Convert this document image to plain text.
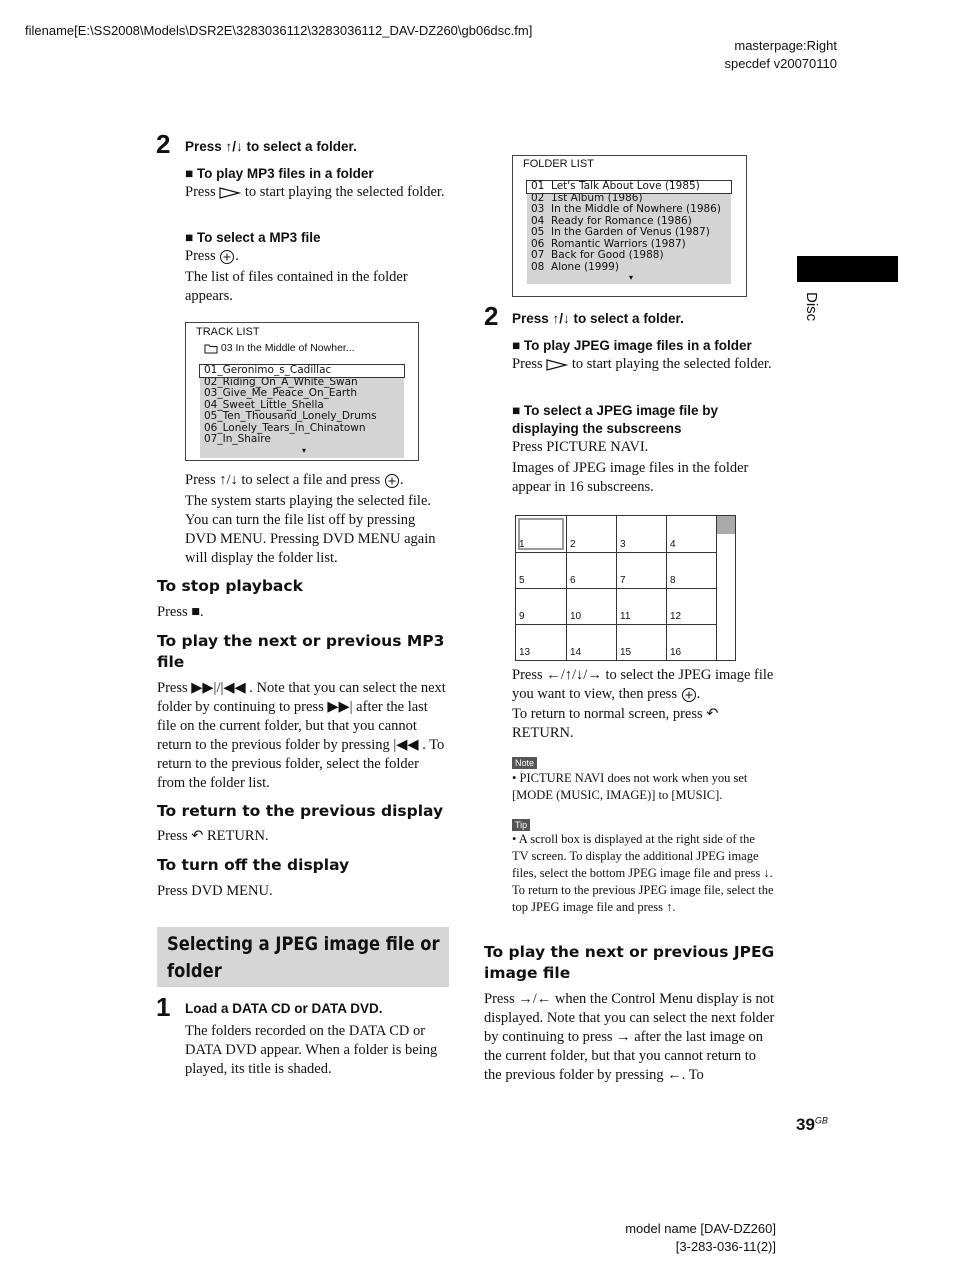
filename[E:\SS2008\Models\DSR2E\3283036112\3283036112_DAV-DZ260\gb06dsc.fm]
masterpage:Right
specdef v20070110
Disc
2 Press ↑/↓ to select a folder.
■ To play MP3 files in a folder
Press to start playing the selected folder.
■ To select a MP3 file
Press .
The list of files contained in the folder appears.
TRACK LIST
03 In the Middle of Nowher...
01_Geronimo_s_Cadillac
02_Riding_On_A_White_Swan
03_Give_Me_Peace_On_Earth
04_Sweet_Little_Shella
05_Ten_Thousand_Lonely_Drums
06_Lonely_Tears_In_Chinatown
07_In_Shaire
▾
Press ↑/↓ to select a file and press .
The system starts playing the selected file. You can turn the file list off by pressing DVD MENU. Pressing DVD MENU again will display the folder list.
To stop playback
Press ■.
To play the next or previous MP3 file
Press ▶▶|/|◀◀ . Note that you can select the next folder by continuing to press ▶▶| after the last file on the current folder, but that you cannot return to the previous folder by pressing |◀◀ . To return to the previous folder, select the folder from the folder list.
To return to the previous display
Press ↶ RETURN.
To turn off the display
Press DVD MENU.
Selecting a JPEG image file or folder
1 Load a DATA CD or DATA DVD.
The folders recorded on the DATA CD or DATA DVD appear. When a folder is being played, its title is shaded.
FOLDER LIST
01  Let's Talk About Love (1985)
02  1st Album (1986)
03  In the Middle of Nowhere (1986)
04  Ready for Romance (1986)
05  In the Garden of Venus (1987)
06  Romantic Warriors (1987)
07  Back for Good (1988)
08  Alone (1999)
▾
2 Press ↑/↓ to select a folder.
■ To play JPEG image files in a folder
Press to start playing the selected folder.
■ To select a JPEG image file by displaying the subscreens
Press PICTURE NAVI.
Images of JPEG image files in the folder appear in 16 subscreens.
1	2	3	4
5	6	7	8
9	10	11	12
13	14	15	16
Press ←/↑/↓/→ to select the JPEG image file you want to view, then press .
To return to normal screen, press ↶ RETURN.
Note
• PICTURE NAVI does not work when you set [MODE (MUSIC, IMAGE)] to [MUSIC].
Tip
• A scroll box is displayed at the right side of the TV screen. To display the additional JPEG image files, select the bottom JPEG image file and press ↓. To return to the previous JPEG image file, select the top JPEG image file and press ↑.
To play the next or previous JPEG image file
Press →/← when the Control Menu display is not displayed. Note that you can select the next folder by continuing to press → after the last image on the current folder, but that you cannot return to the previous folder by pressing ←. To
$39^{GB}$
model name [DAV-DZ260]
[3-283-036-11(2)]
